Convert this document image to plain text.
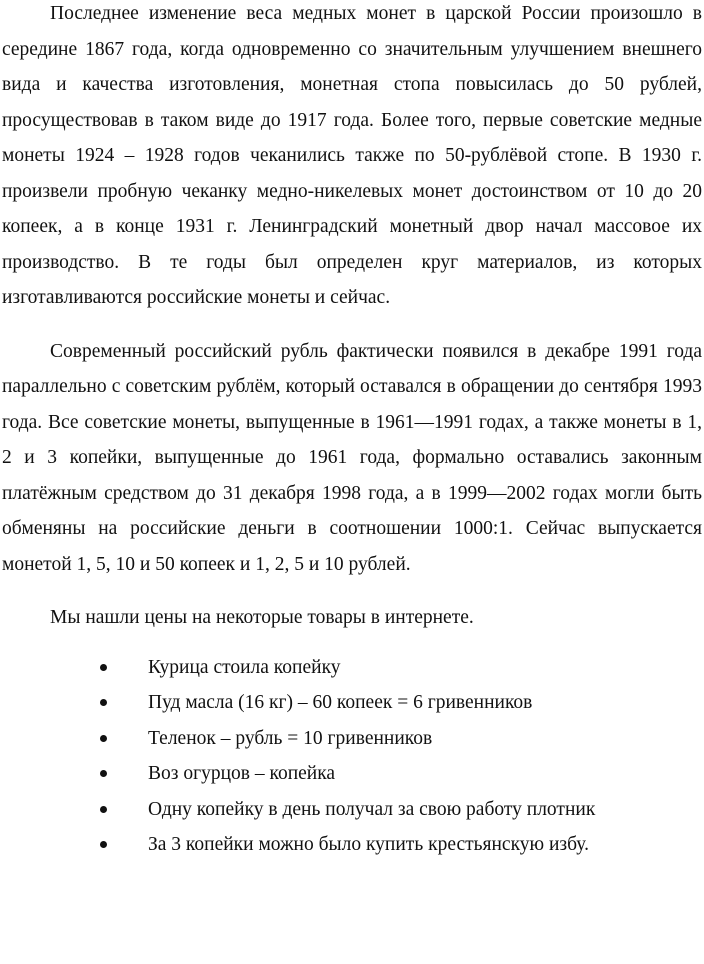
Последнее изменение веса медных монет в царской России произошло в середине 1867 года, когда одновременно со значительным улучшением внешнего вида и качества изготовления, монетная стопа повысилась до 50 рублей, просуществовав в таком виде до 1917 года. Более того, первые советские медные монеты 1924 – 1928 годов чеканились также по 50-рублёвой стопе. В 1930 г. произвели пробную чеканку медно-никелевых монет достоинством от 10 до 20 копеек, а в конце 1931 г. Ленинградский монетный двор начал массовое их производство. В те годы был определен круг материалов, из которых изготавливаются российские монеты и сейчас.

Современный российский рубль фактически появился в декабре 1991 года параллельно с советским рублём, который оставался в обращении до сентября 1993 года. Все советские монеты, выпущенные в 1961—1991 годах, а также монеты в 1, 2 и 3 копейки, выпущенные до 1961 года, формально оставались законным платёжным средством до 31 декабря 1998 года, а в 1999—2002 годах могли быть обменяны на российские деньги в соотношении 1000:1. Сейчас выпускается монетой 1, 5, 10 и 50 копеек и 1, 2, 5 и 10 рублей.

Мы нашли цены на некоторые товары в интернете.

Курица стоила копейку
Пуд масла (16 кг) – 60 копеек = 6 гривенников
Теленок – рубль = 10 гривенников
Воз огурцов – копейка
Одну копейку в день получал за свою работу плотник
За 3 копейки можно было купить крестьянскую избу.
